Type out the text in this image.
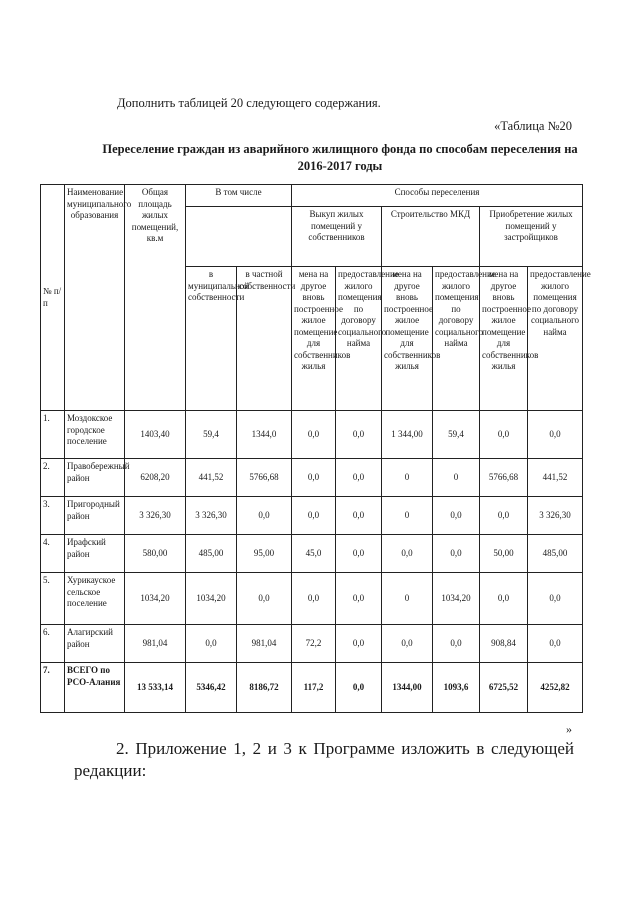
Дополнить таблицей 20 следующего содержания.
«Таблица №20
Переселение граждан из аварийного жилищного фонда по способам переселения на 2016-2017 годы
№ п/ п	Наименование муниципального образования	Общая площадь жилых помещений, кв.м	В том числе		Способы переселения					
					Выкуп жилых помещений у собственников		Строительство МКД		Приобретение жилых помещений у застройщиков	
			в муниципальной собственности	в частной собственности	мена на другое вновь построенное жилое помещение для собственников жилья	предоставление жилого помещения по договору социального найма	мена на другое вновь построенное жилое помещение для собственников жилья	предоставление жилого помещения по договору социального найма	мена на другое вновь построенное жилое помещение для собственников жилья	предоставление жилого помещения по договору социального найма
1.	Моздокское городское поселение	1403,40	59,4	1344,0	0,0	0,0	1 344,00	59,4	0,0	0,0
2.	Правобережный район	6208,20	441,52	5766,68	0,0	0,0	0	0	5766,68	441,52
3.	Пригородный район	3 326,30	3 326,30	0,0	0,0	0,0	0	0,0	0,0	3 326,30
4.	Ирафский район	580,00	485,00	95,00	45,0	0,0	0,0	0,0	50,00	485,00
5.	Хурикауское сельское поселение	1034,20	1034,20	0,0	0,0	0,0	0	1034,20	0,0	0,0
6.	Алагирский район	981,04	0,0	981,04	72,2	0,0	0,0	0,0	908,84	0,0
7.	ВСЕГО по РСО-Алания	13 533,14	5346,42	8186,72	117,2	0,0	1344,00	1093,6	6725,52	4252,82
»
2. Приложение 1, 2 и 3 к Программе изложить в следующей редакции:
